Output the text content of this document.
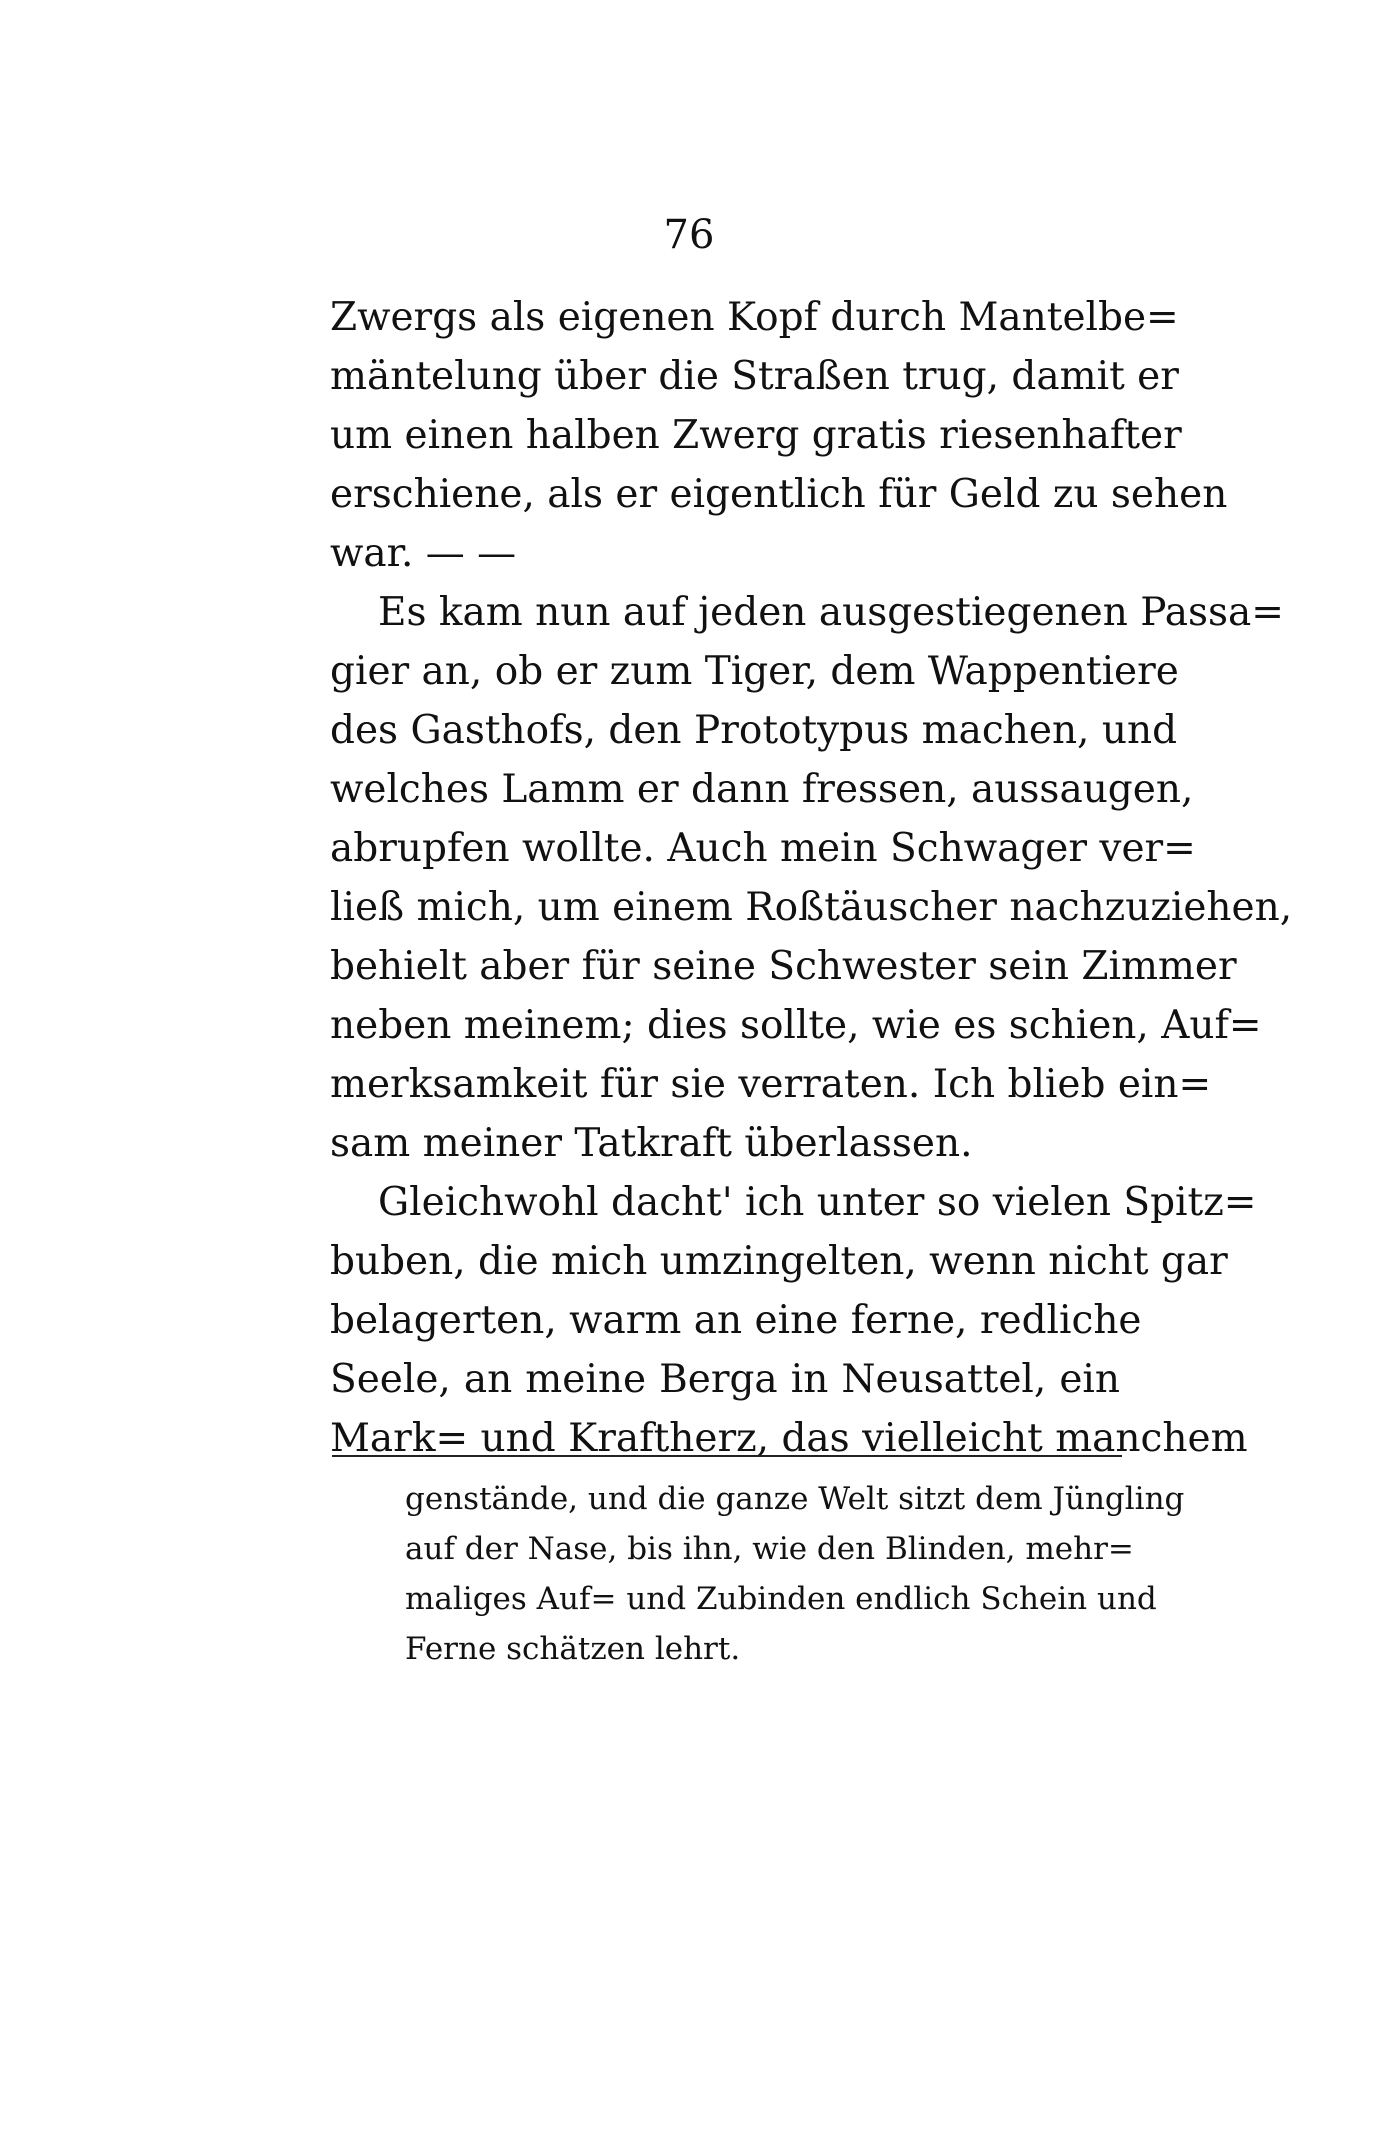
76
Zwergs als eigenen Kopf durch Mantelbe=
mäntelung über die Straßen trug, damit er
um einen halben Zwerg gratis riesenhafter
erschiene, als er eigentlich für Geld zu sehen
war. — —
Es kam nun auf jeden ausgestiegenen Passa=
gier an, ob er zum Tiger, dem Wappentiere
des Gasthofs, den Prototypus machen, und
welches Lamm er dann fressen, aussaugen,
abrupfen wollte. Auch mein Schwager ver=
ließ mich, um einem Roßtäuscher nachzuziehen,
behielt aber für seine Schwester sein Zimmer
neben meinem; dies sollte, wie es schien, Auf=
merksamkeit für sie verraten. Ich blieb ein=
sam meiner Tatkraft überlassen.
Gleichwohl dacht' ich unter so vielen Spitz=
buben, die mich umzingelten, wenn nicht gar
belagerten, warm an eine ferne, redliche
Seele, an meine Berga in Neusattel, ein
Mark= und Kraftherz, das vielleicht manchem
genstände, und die ganze Welt sitzt dem Jüngling
auf der Nase, bis ihn, wie den Blinden, mehr=
maliges Auf= und Zubinden endlich Schein und
Ferne schätzen lehrt.
